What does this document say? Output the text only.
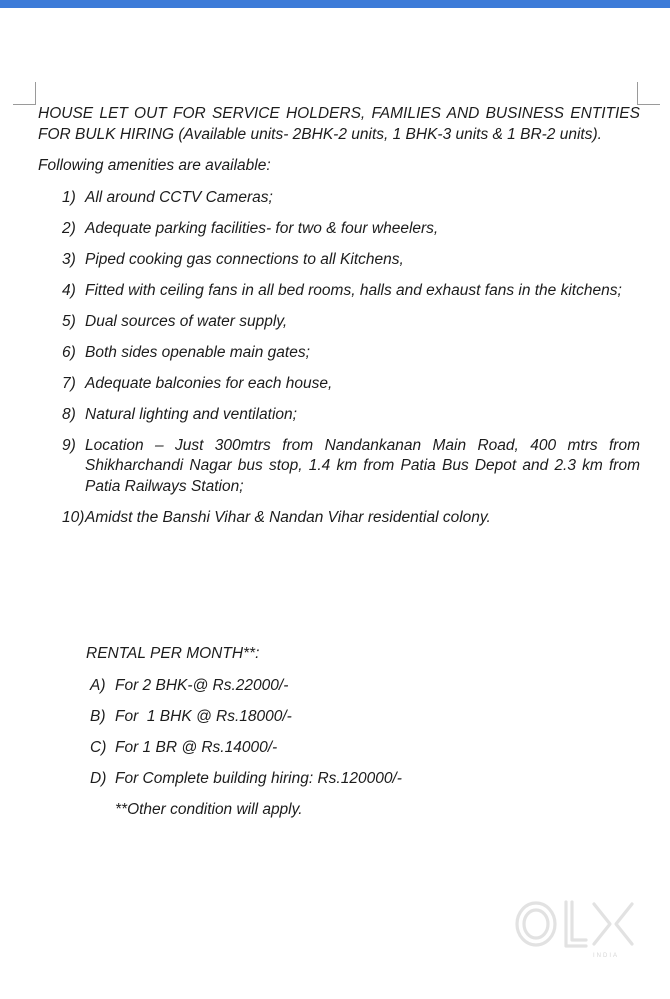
HOUSE LET OUT FOR SERVICE HOLDERS, FAMILIES AND BUSINESS ENTITIES FOR BULK HIRING (Available units- 2BHK-2 units, 1 BHK-3 units & 1 BR-2 units).

Following amenities are available:

1) All around CCTV Cameras;
2) Adequate parking facilities- for two & four wheelers,
3) Piped cooking gas connections to all Kitchens,
4) Fitted with ceiling fans in all bed rooms, halls and exhaust fans in the kitchens;
5) Dual sources of water supply,
6) Both sides openable main gates;
7) Adequate balconies for each house,
8) Natural lighting and ventilation;
9) Location – Just 300mtrs from Nandankanan Main Road, 400 mtrs from Shikharchandi Nagar bus stop, 1.4 km from Patia Bus Depot and 2.3 km from Patia Railways Station;
10) Amidst the Banshi Vihar & Nandan Vihar residential colony.

RENTAL PER MONTH**:

A) For 2 BHK-@ Rs.22000/-
B) For  1 BHK @ Rs.18000/-
C) For 1 BR @ Rs.14000/-
D) For Complete building hiring: Rs.120000/-

**Other condition will apply.

INDIA
